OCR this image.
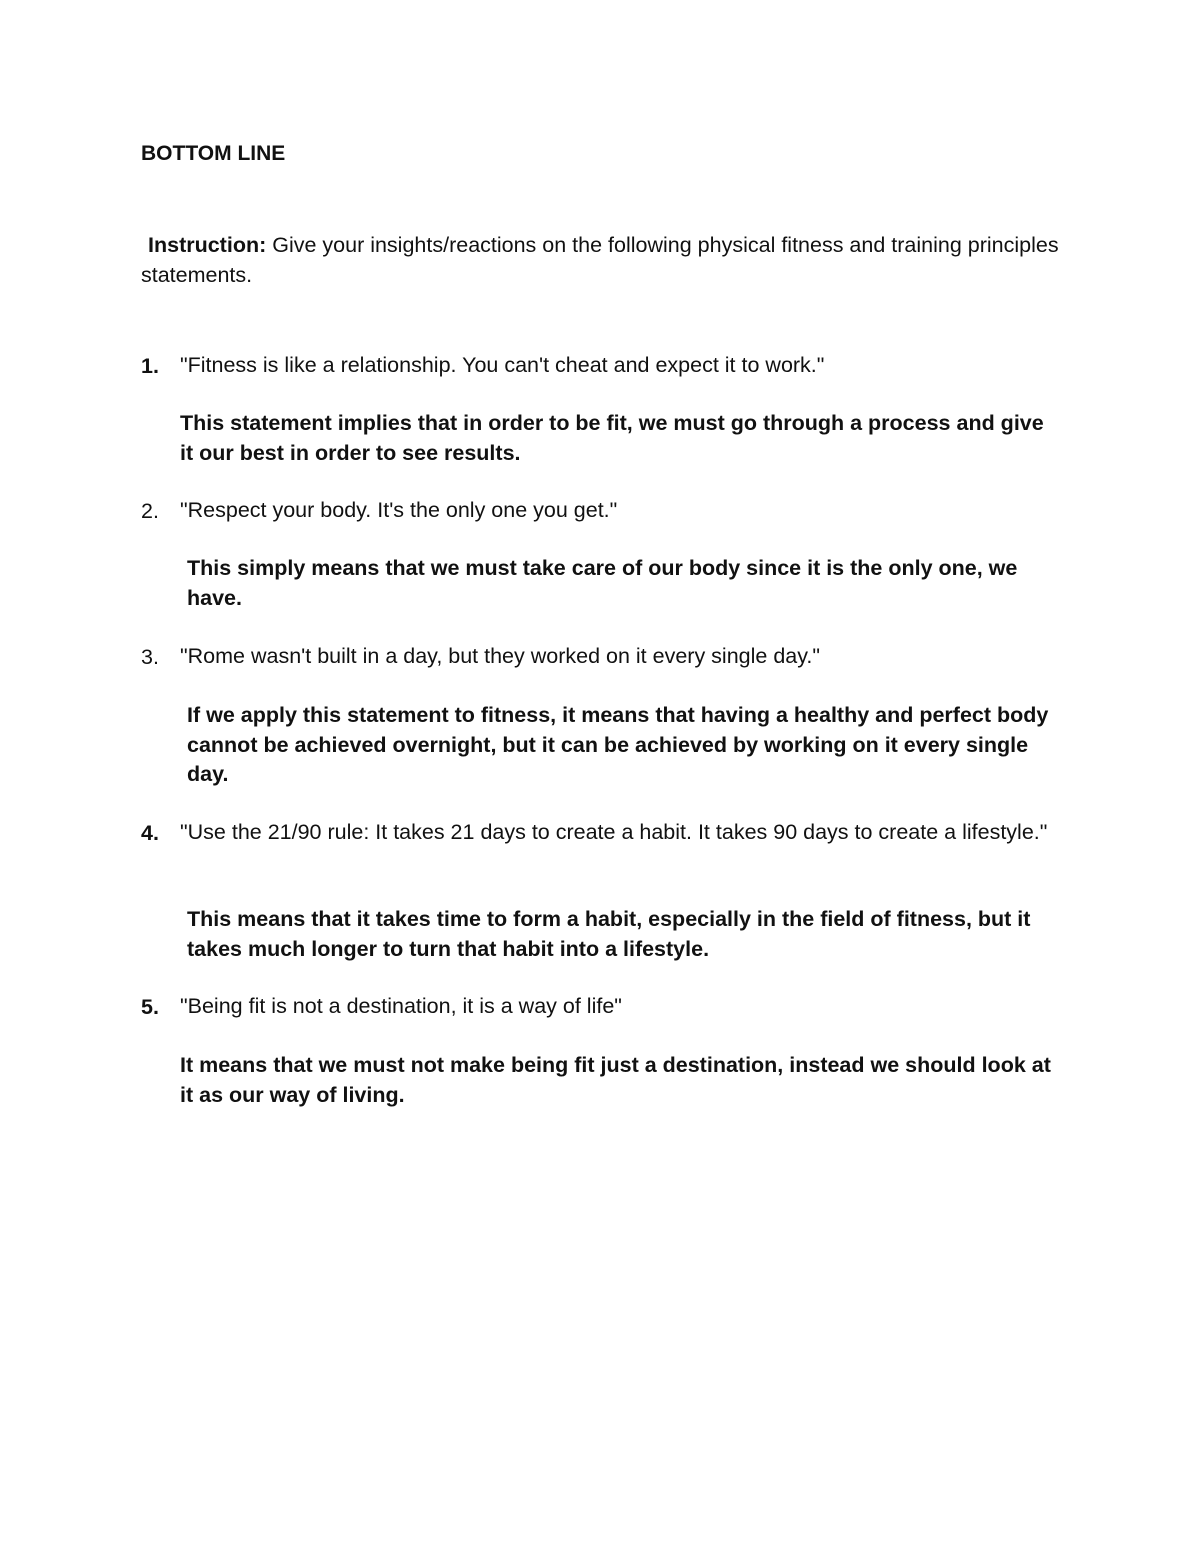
BOTTOM LINE

Instruction: Give your insights/reactions on the following physical fitness and training principles statements.

1. "Fitness is like a relationship. You can't cheat and expect it to work."

This statement implies that in order to be fit, we must go through a process and give it our best in order to see results.

2. "Respect your body. It's the only one you get."

This simply means that we must take care of our body since it is the only one, we have.

3. "Rome wasn't built in a day, but they worked on it every single day."

If we apply this statement to fitness, it means that having a healthy and perfect body cannot be achieved overnight, but it can be achieved by working on it every single day.

4. "Use the 21/90 rule: It takes 21 days to create a habit. It takes 90 days to create a lifestyle."

This means that it takes time to form a habit, especially in the field of fitness, but it takes much longer to turn that habit into a lifestyle.

5. "Being fit is not a destination, it is a way of life"

It means that we must not make being fit just a destination, instead we should look at it as our way of living.
